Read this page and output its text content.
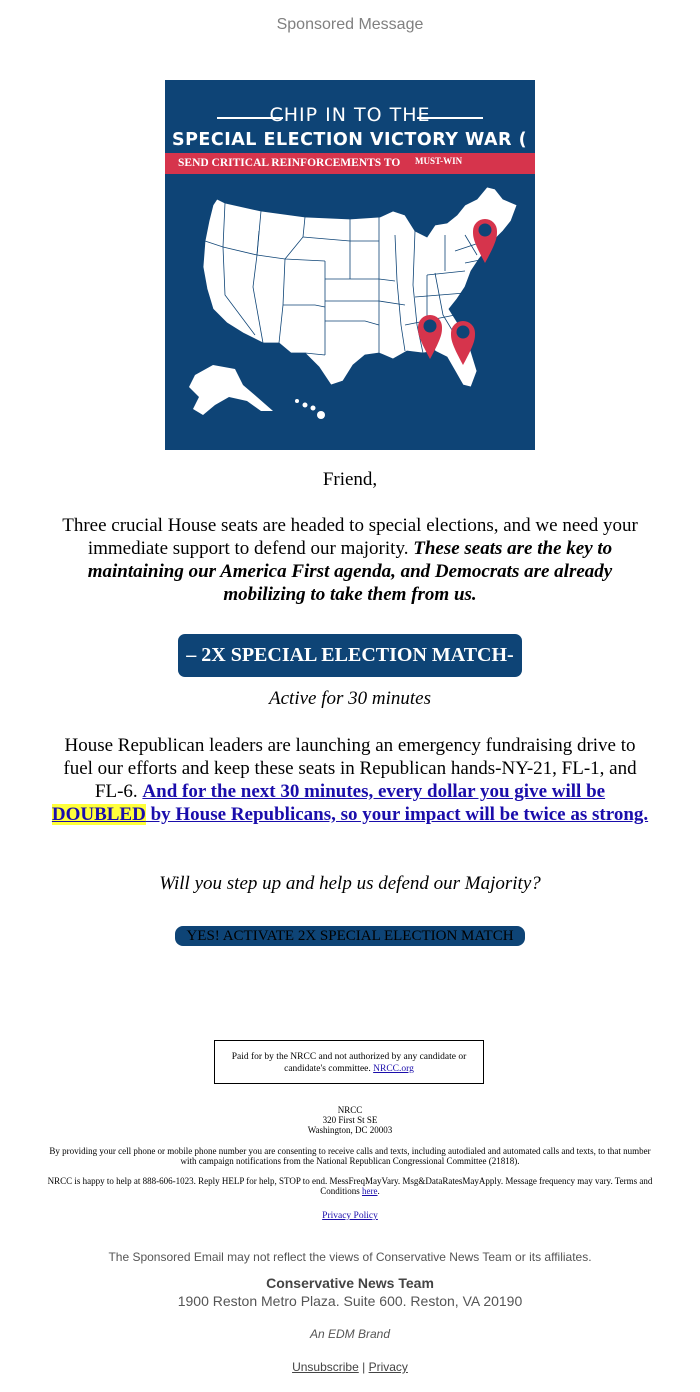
Sponsored Message
CHIP IN TO THE
SPECIAL ELECTION VICTORY WAR (
SEND CRITICAL REINFORCEMENTS TO MUST-WIN
Friend,
Three crucial House seats are headed to special elections, and we need your immediate support to defend our majority. These seats are the key to maintaining our America First agenda, and Democrats are already mobilizing to take them from us.
– 2X SPECIAL ELECTION MATCH-
Active for 30 minutes
House Republican leaders are launching an emergency fundraising drive to fuel our efforts and keep these seats in Republican hands-NY-21, FL-1, and FL-6. And for the next 30 minutes, every dollar you give will be DOUBLED by House Republicans, so your impact will be twice as strong.
Will you step up and help us defend our Majority?
YES! ACTIVATE 2X SPECIAL ELECTION MATCH
Paid for by the NRCC and not authorized by any candidate or candidate's committee. NRCC.org
NRCC
320 First St SE
Washington, DC 20003
By providing your cell phone or mobile phone number you are consenting to receive calls and texts, including autodialed and automated calls and texts, to that number with campaign notifications from the National Republican Congressional Committee (21818).
NRCC is happy to help at 888-606-1023. Reply HELP for help, STOP to end. MessFreqMayVary. Msg&DataRatesMayApply. Message frequency may vary. Terms and Conditions here.
Privacy Policy
The Sponsored Email may not reflect the views of Conservative News Team or its affiliates.
Conservative News Team
1900 Reston Metro Plaza. Suite 600. Reston, VA 20190
An EDM Brand
Unsubscribe | Privacy
